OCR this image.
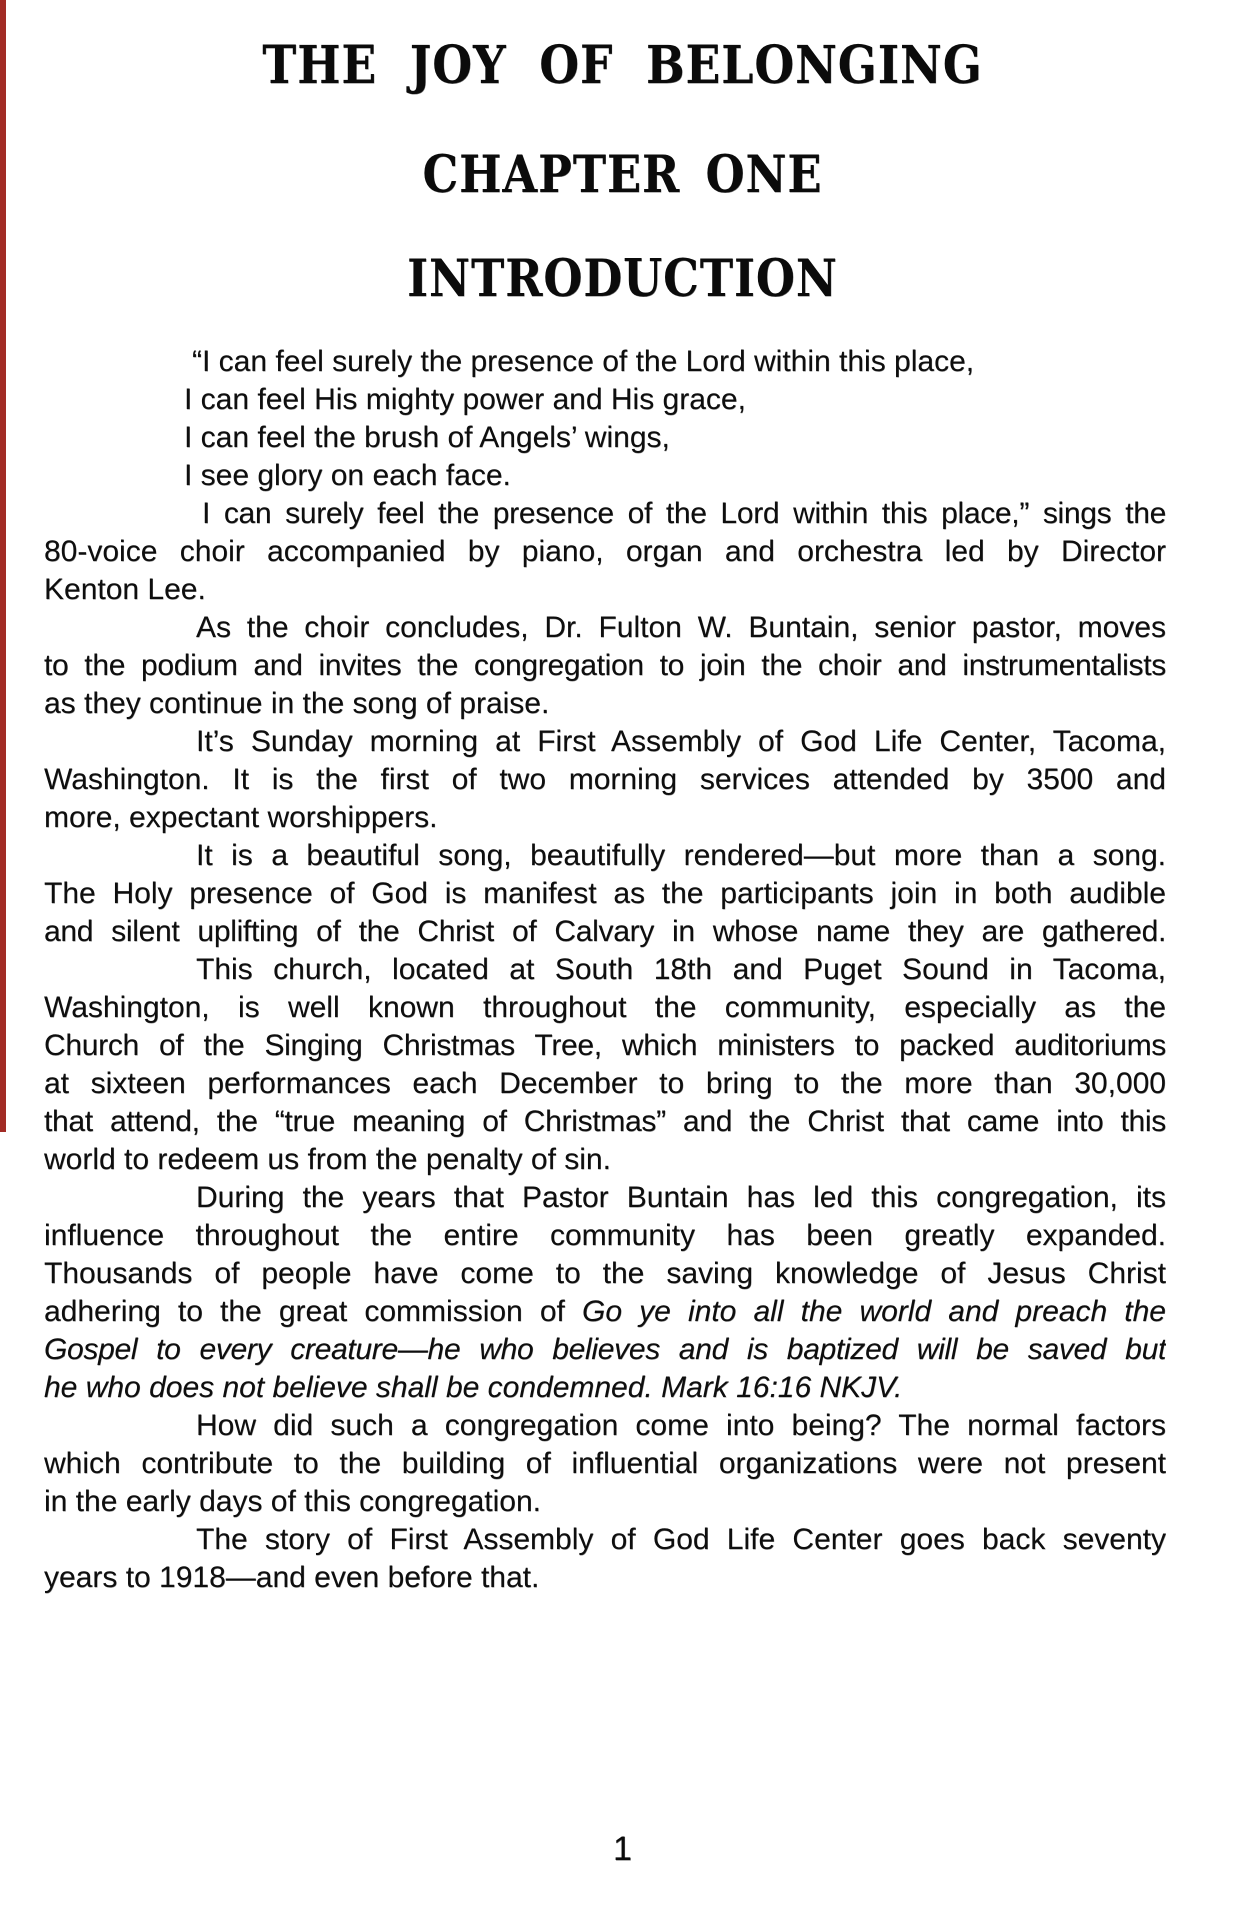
THE JOY OF BELONGING
CHAPTER ONE
INTRODUCTION
“I can feel surely the presence of the Lord within this place,
I can feel His mighty power and His grace,
I can feel the brush of Angels’ wings,
I see glory on each face.
I can surely feel the presence of the Lord within this place,” sings the
80-voice choir accompanied by piano, organ and orchestra led by Director
Kenton Lee.
As the choir concludes, Dr. Fulton W. Buntain, senior pastor, moves
to the podium and invites the congregation to join the choir and instrumentalists
as they continue in the song of praise.
It’s Sunday morning at First Assembly of God Life Center, Tacoma,
Washington. It is the first of two morning services attended by 3500 and
more, expectant worshippers.
It is a beautiful song, beautifully rendered—but more than a song.
The Holy presence of God is manifest as the participants join in both audible
and silent uplifting of the Christ of Calvary in whose name they are gathered.
This church, located at South 18th and Puget Sound in Tacoma,
Washington, is well known throughout the community, especially as the
Church of the Singing Christmas Tree, which ministers to packed auditoriums
at sixteen performances each December to bring to the more than 30,000
that attend, the “true meaning of Christmas” and the Christ that came into this
world to redeem us from the penalty of sin.
During the years that Pastor Buntain has led this congregation, its
influence throughout the entire community has been greatly expanded.
Thousands of people have come to the saving knowledge of Jesus Christ
adhering to the great commission of Go ye into all the world and preach the
Gospel to every creature—he who believes and is baptized will be saved but
he who does not believe shall be condemned. Mark 16:16 NKJV.
How did such a congregation come into being? The normal factors
which contribute to the building of influential organizations were not present
in the early days of this congregation.
The story of First Assembly of God Life Center goes back seventy
years to 1918—and even before that.
1
